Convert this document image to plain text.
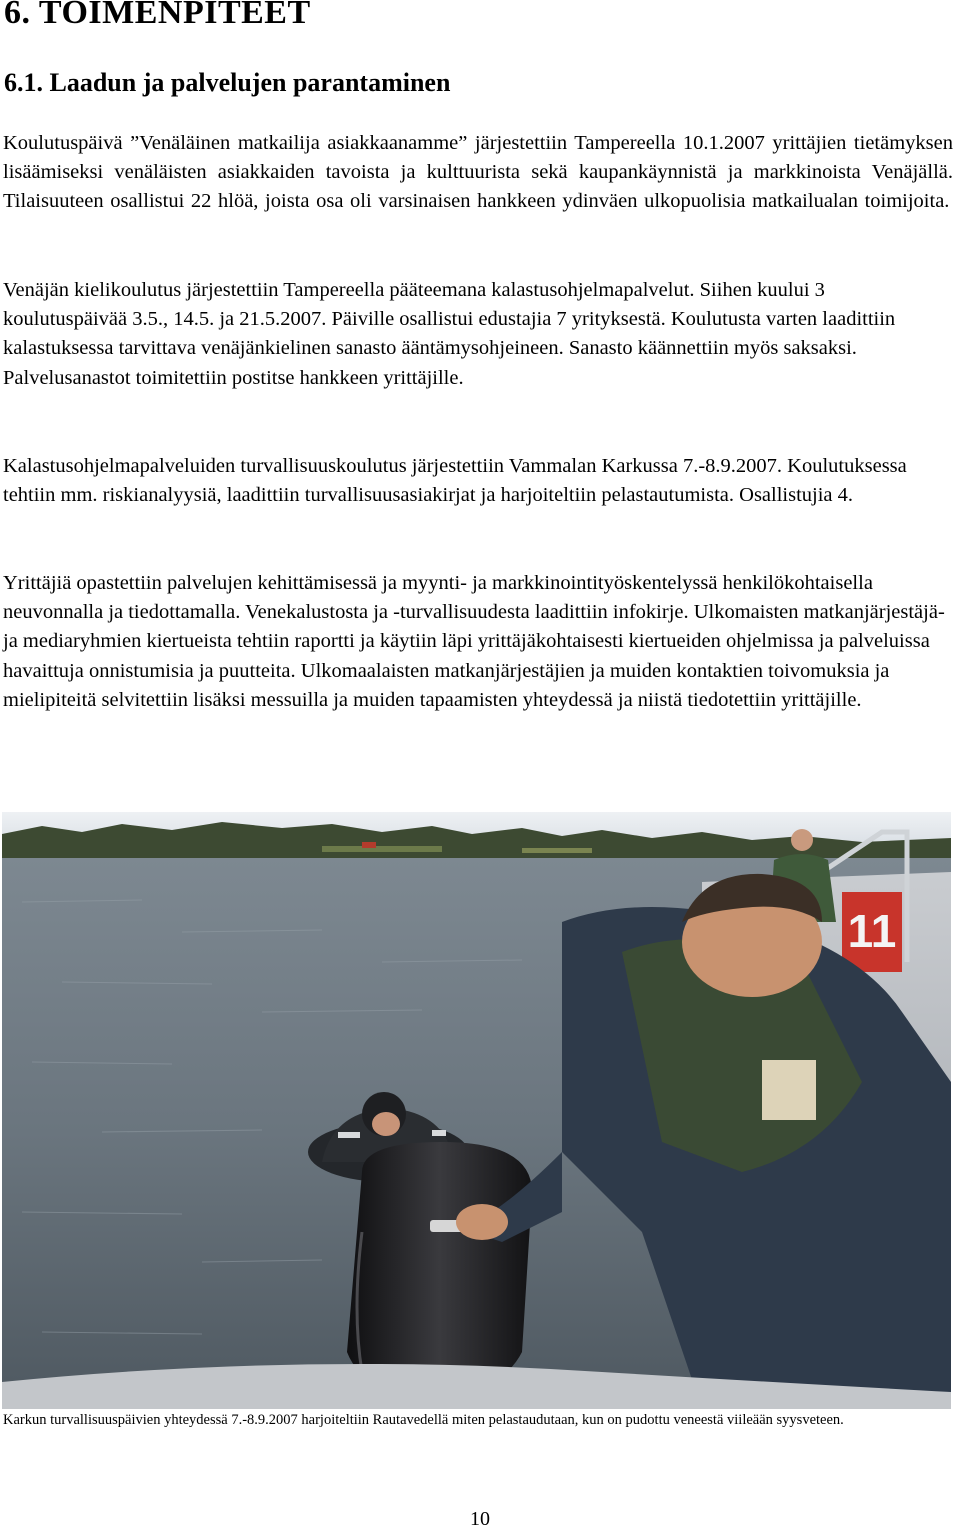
6. TOIMENPITEET
6.1. Laadun ja palvelujen parantaminen

Koulutuspäivä ”Venäläinen matkailija asiakkaanamme” järjestettiin Tampereella 10.1.2007 yrittäjien tietämyksen lisäämiseksi venäläisten asiakkaiden tavoista ja kulttuurista sekä kaupankäynnistä ja markkinoista Venäjällä. Tilaisuuteen osallistui 22 hlöä, joista osa oli varsinaisen hankkeen ydinväen ulkopuolisia matkailualan toimijoita.

Venäjän kielikoulutus järjestettiin Tampereella pääteemana kalastusohjelmapalvelut. Siihen kuului 3 koulutuspäivää 3.5., 14.5. ja 21.5.2007. Päiville osallistui edustajia 7 yrityksestä. Koulutusta varten laadittiin kalastuksessa tarvittava venäjänkielinen sanasto ääntämysohjeineen. Sanasto käännettiin myös saksaksi. Palvelusanastot toimitettiin postitse hankkeen yrittäjille.

Kalastusohjelmapalveluiden turvallisuuskoulutus järjestettiin Vammalan Karkussa 7.-8.9.2007. Koulutuksessa tehtiin mm. riskianalyysiä, laadittiin turvallisuusasiakirjat ja harjoiteltiin pelastautumista. Osallistujia 4.

Yrittäjiä opastettiin palvelujen kehittämisessä ja myynti- ja markkinointityöskentelyssä henkilökohtaisella neuvonnalla ja tiedottamalla. Venekalustosta ja -turvallisuudesta laadittiin infokirje. Ulkomaisten matkanjärjestäjä- ja mediaryhmien kiertueista tehtiin raportti ja käytiin läpi yrittäjäkohtaisesti kiertueiden ohjelmissa ja palveluissa havaittuja onnistumisia ja puutteita. Ulkomaalaisten matkanjärjestäjien ja muiden kontaktien toivomuksia ja mielipiteitä selvitettiin lisäksi messuilla ja muiden tapaamisten yhteydessä ja niistä tiedotettiin yrittäjille.

11

Karkun turvallisuuspäivien yhteydessä 7.-8.9.2007 harjoiteltiin Rautavedellä miten pelastaudutaan, kun on pudottu veneestä viileään syysveteen.

10
